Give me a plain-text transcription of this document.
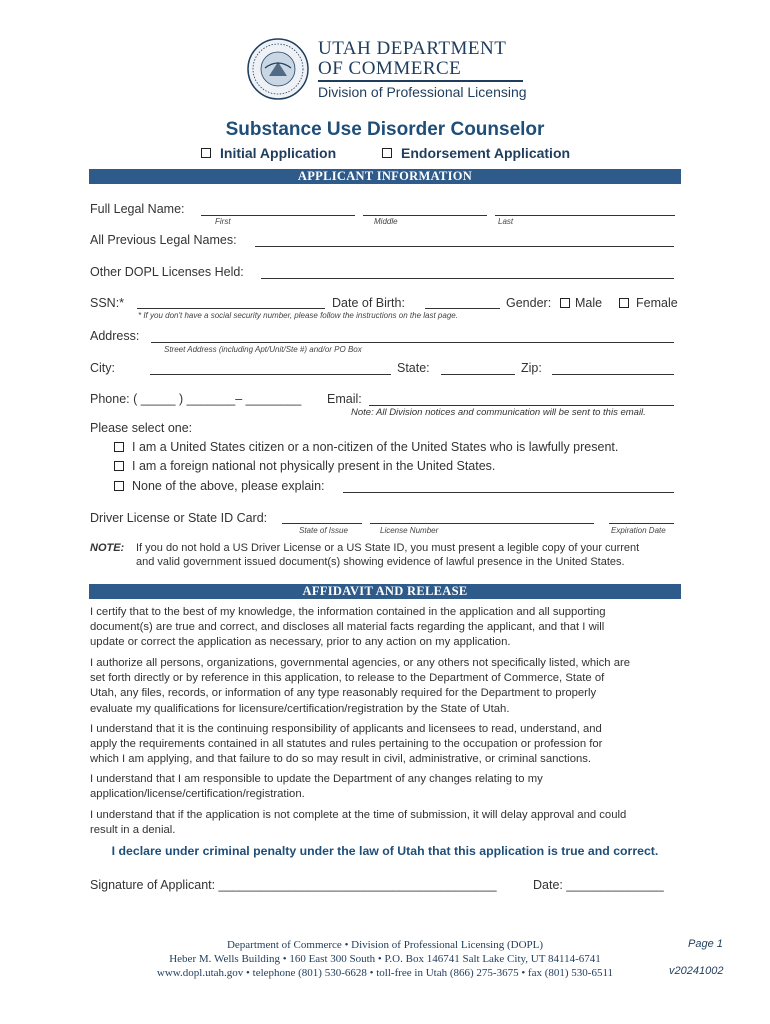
UTAH DEPARTMENT
OF COMMERCE
Division of Professional Licensing
Substance Use Disorder Counselor
Initial Application	Endorsement Application
APPLICANT INFORMATION
Full Legal Name:
First	Middle	Last
All Previous Legal Names:
Other DOPL Licenses Held:
SSN:*	Date of Birth:	Gender: Male	Female
* If you don't have a social security number, please follow the instructions on the last page.
Address:
Street Address (including Apt/Unit/Ste #) and/or PO Box
City:	State:	Zip:
Phone: ( _____ ) _______– ________ Email:
Note: All Division notices and communication will be sent to this email.
Please select one:
I am a United States citizen or a non-citizen of the United States who is lawfully present.
I am a foreign national not physically present in the United States.
None of the above, please explain:
Driver License or State ID Card:
State of Issue	License Number	Expiration Date
NOTE: If you do not hold a US Driver License or a US State ID, you must present a legible copy of your current
and valid government issued document(s) showing evidence of lawful presence in the United States.
AFFIDAVIT AND RELEASE
I certify that to the best of my knowledge, the information contained in the application and all supporting
document(s) are true and correct, and discloses all material facts regarding the applicant, and that I will
update or correct the application as necessary, prior to any action on my application.
I authorize all persons, organizations, governmental agencies, or any others not specifically listed, which are
set forth directly or by reference in this application, to release to the Department of Commerce, State of
Utah, any files, records, or information of any type reasonably required for the Department to properly
evaluate my qualifications for licensure/certification/registration by the State of Utah.
I understand that it is the continuing responsibility of applicants and licensees to read, understand, and
apply the requirements contained in all statutes and rules pertaining to the occupation or profession for
which I am applying, and that failure to do so may result in civil, administrative, or criminal sanctions.
I understand that I am responsible to update the Department of any changes relating to my
application/license/certification/registration.
I understand that if the application is not complete at the time of submission, it will delay approval and could
result in a denial.
I declare under criminal penalty under the law of Utah that this application is true and correct.
Signature of Applicant: ________________________________________	Date: ______________
Department of Commerce • Division of Professional Licensing (DOPL)
Heber M. Wells Building • 160 East 300 South • P.O. Box 146741 Salt Lake City, UT 84114-6741
www.dopl.utah.gov • telephone (801) 530-6628 • toll-free in Utah (866) 275-3675 • fax (801) 530-6511
Page 1
v20241002
